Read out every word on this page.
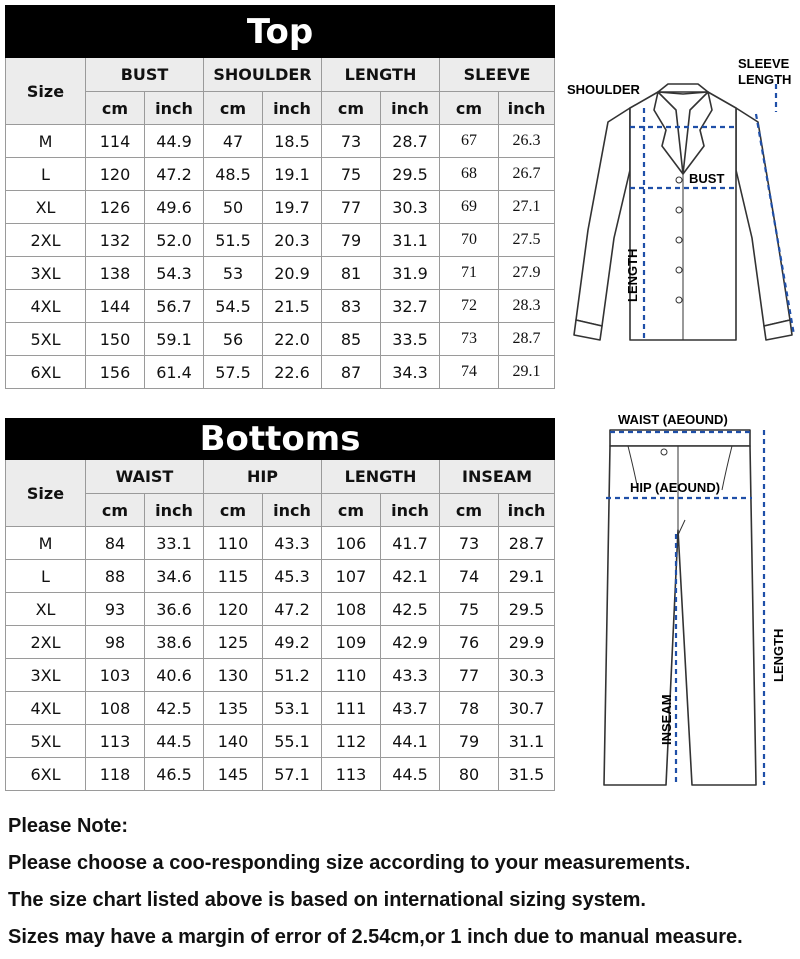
Top								
Size	BUST		SHOULDER		LENGTH		SLEEVE	
	cm	inch	cm	inch	cm	inch	cm	inch
M	114	44.9	47	18.5	73	28.7	67	26.3
L	120	47.2	48.5	19.1	75	29.5	68	26.7
XL	126	49.6	50	19.7	77	30.3	69	27.1
2XL	132	52.0	51.5	20.3	79	31.1	70	27.5
3XL	138	54.3	53	20.9	81	31.9	71	27.9
4XL	144	56.7	54.5	21.5	83	32.7	72	28.3
5XL	150	59.1	56	22.0	85	33.5	73	28.7
6XL	156	61.4	57.5	22.6	87	34.3	74	29.1
Bottoms								
Size	WAIST		HIP		LENGTH		INSEAM	
	cm	inch	cm	inch	cm	inch	cm	inch
M	84	33.1	110	43.3	106	41.7	73	28.7
L	88	34.6	115	45.3	107	42.1	74	29.1
XL	93	36.6	120	47.2	108	42.5	75	29.5
2XL	98	38.6	125	49.2	109	42.9	76	29.9
3XL	103	40.6	130	51.2	110	43.3	77	30.3
4XL	108	42.5	135	53.1	111	43.7	78	30.7
5XL	113	44.5	140	55.1	112	44.1	79	31.1
6XL	118	46.5	145	57.1	113	44.5	80	31.5
SHOULDER
SLEEVE
LENGTH
BUST
LENGTH
WAIST (AEOUND)
HIP (AEOUND)
LENGTH
INSEAM
Please Note:
Please choose a coo-responding size according to your measurements.
The size chart listed above is based on international sizing system.
Sizes may have a margin of error of 2.54cm,or 1 inch due to manual measure.
